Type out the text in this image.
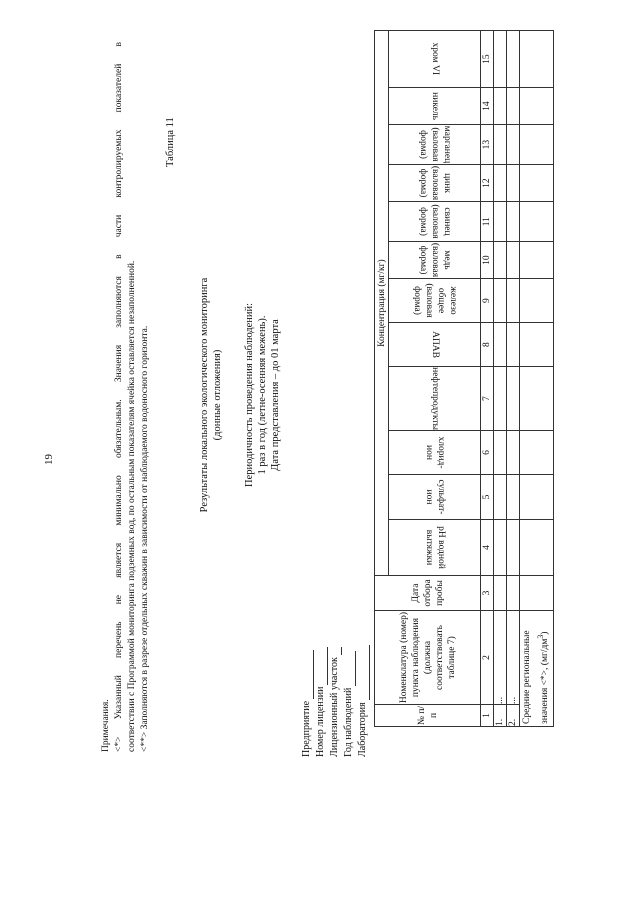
19
Таблица 11
Примечания. <*> Указанный перечень не является минимально обязательным. Значения заполняются в части контролируемых показателей в соответствии с Программой мониторинга подземных вод, по остальным показателям ячейка оставляется незаполненной. <**> Заполняются в разрезе отдельных скважин в зависимости от наблюдаемого водоносного горизонта.	Результаты локального экологического мониторинга (донные отложения) Периодичность проведения наблюдений: 1 раз в год (летне-осенняя межень). Дата представления – до 01 марта
Предприятие Номер лицензии Лицензионный участок Год наблюдений Лаборатория	№ п/п	Номенклатура (номер) пункта наблюдения (должна соответствовать таблице 7)	Дата отбора пробы	Концентрация (мг/кг)											
			pH водной вытяжки	сульфат-ион	хлорид-ион	нефтепродукты	АПАВ	железо общее (валовая форма)	медь (валовая форма)	свинец (валовая форма)	цинк (валовая форма)	марганец (валовая форма)	никель	хром VI
1	2	3	4	5	6	7	8	9	10	11	12	13	14	15
1.	...													
2.	...													
Средние региональные значения <*>, $(мг/дм^3)$														
